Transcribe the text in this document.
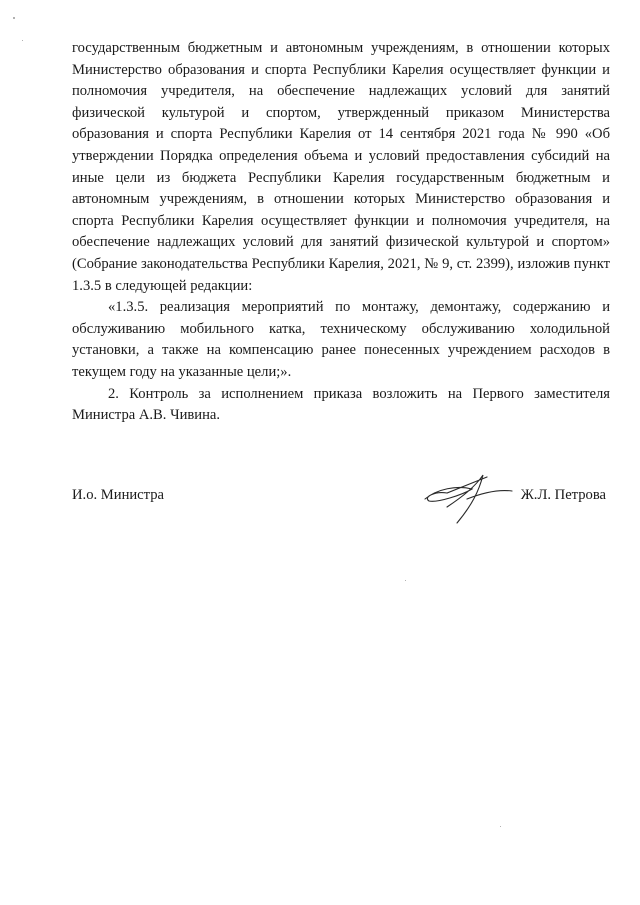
государственным бюджетным и автономным учреждениям, в отношении которых Министерство образования и спорта Республики Карелия осуществляет функции и полномочия учредителя, на обеспечение надлежащих условий для занятий физической культурой и спортом, утвержденный приказом Министерства образования и спорта Республики Карелия от 14 сентября 2021 года № 990 «Об утверждении Порядка определения объема и условий предоставления субсидий на иные цели из бюджета Республики Карелия государственным бюджетным и автономным учреждениям, в отношении которых Министерство образования и спорта Республики Карелия осуществляет функции и полномочия учредителя, на обеспечение надлежащих условий для занятий физической культурой и спортом» (Собрание законодательства Республики Карелия, 2021, № 9, ст. 2399), изложив пункт 1.3.5 в следующей редакции:

«1.3.5. реализация мероприятий по монтажу, демонтажу, содержанию и обслуживанию мобильного катка, техническому обслуживанию холодильной установки, а также на компенсацию ранее понесенных учреждением расходов в текущем году на указанные цели;».

2. Контроль за исполнением приказа возложить на Первого заместителя Министра А.В. Чивина.

И.о. Министра	Ж.Л. Петрова
